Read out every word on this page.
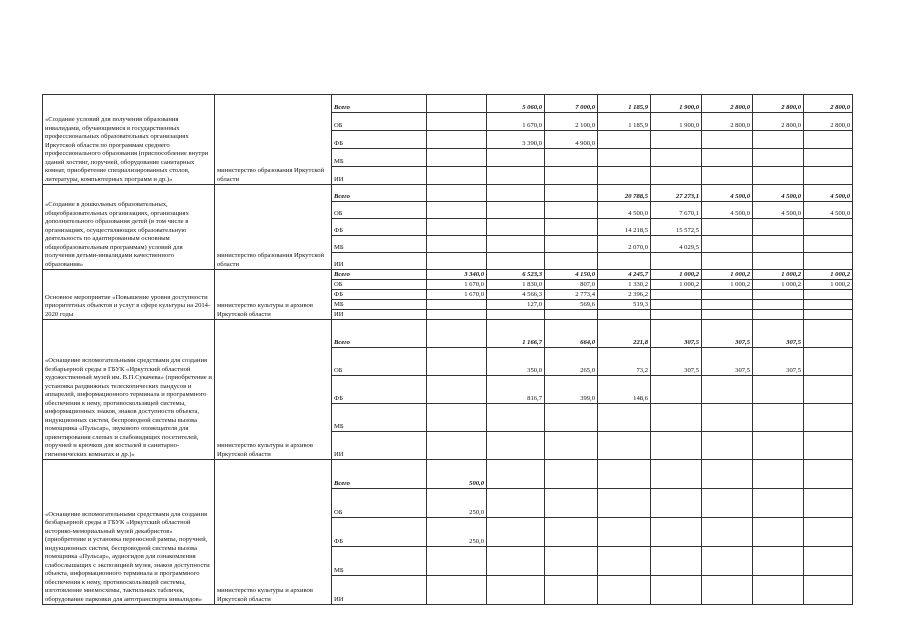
«Создание условий для получения образования инвалидами, обучающимися в государственных профессиональных образовательных организациях Иркутской области по программам среднего профессионального образования (приспособление внутри зданий хостинг, поручней, оборудование санитарных комнат, приобретение специализированных столов, литературы, компьютерных программ и др.)»	министерство образования Иркутской области	Всего		5 060,0	7 000,0	1 185,9	1 900,0	2 800,0	2 800,0	2 800,0
		ОБ		1 670,0	2 100,0	1 185,9	1 900,0	2 800,0	2 800,0	2 800,0
		ФБ		3 390,0	4 900,0					
		МБ								
		ИИ								
«Создание в дошкольных образовательных, общеобразовательных организациях, организациях дополнительного образования детей (в том числе в организациях, осуществляющих образовательную деятельность по адаптированным основным общеобразовательным программам) условий для получения детьми-инвалидами качественного образования»	министерство образования Иркутской области	Всего				20 788,5	27 273,1	4 500,0	4 500,0	4 500,0
		ОБ				4 500,0	7 670,1	4 500,0	4 500,0	4 500,0
		ФБ				14 218,5	15 572,5			
		МБ				2 070,0	4 029,5			
		ИИ								
Основное мероприятие «Повышение уровня доступности приоритетных объектов и услуг в сфере культуры на 2014-2020 годы	министерство культуры и архивов Иркутской области	Всего	3 340,0	6 523,3	4 150,0	4 245,7	1 000,2	1 000,2	1 000,2	1 000,2
		ОБ	1 670,0	1 830,0	807,0	1 330,2	1 000,2	1 000,2	1 000,2	1 000,2
		ФБ	1 670,0	4 566,3	2 773,4	2 396,2				
		МБ		127,0	569,6	519,3				
		ИИ								
«Оснащение вспомогательными средствами для создания безбарьерной среды в ГБУК «Иркутский областной художественный музей им. В.П.Сукачева» (приобретение и установка раздвижных телескопических пандусов и аппарелей, информационного терминала и программного обеспечения к нему, противоскользящей системы, информационных знаков, знаков доступности объекта, индукционных систем, беспроводной системы вызова помощника «Пульсар», звукового оповещателя для ориентирования слепых и слабовидящих посетителей, поручней и крючков для костылей в санитарно-гигиенических комнатах и др.)»	министерство культуры и архивов Иркутской области	Всего		1 166,7	664,0	221,8	307,5	307,5	307,5	
		ОБ		350,0	265,0	73,2	307,5	307,5	307,5	
		ФБ		816,7	399,0	148,6				
		МБ								
		ИИ								
«Оснащение вспомогательными средствами для создания безбарьерной среды в ГБУК «Иркутский областной историко-мемориальный музей декабристов» (приобретение и установка переносной рампы, поручней, индукционных систем, беспроводной системы вызова помощника «Пульсар», аудиогидов для ознакомления слабослышащих с экспозицией музея, знаков доступности объекта, информационного терминала и программного обеспечения к нему, противоскользящей системы, изготовление мнемосхемы, тактильных табличек, оборудование парковки для автотранспорта инвалидов»	министерство культуры и архивов Иркутской области	Всего	500,0							
		ОБ	250,0							
		ФБ	250,0							
		МБ								
		ИИ								
